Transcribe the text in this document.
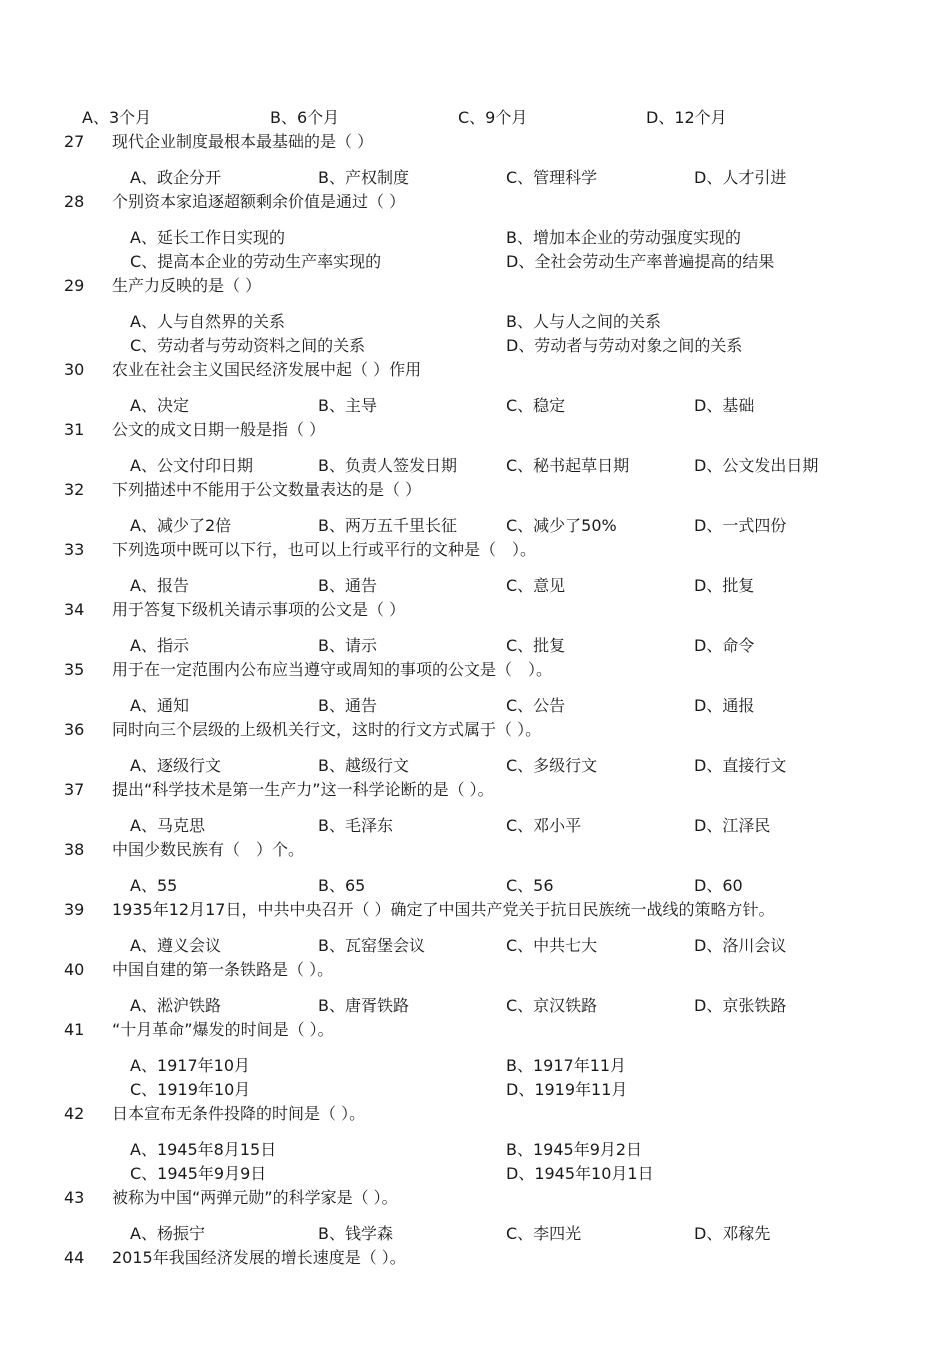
A、3个月	B、6个月	C、9个月	D、12个月
27 现代企业制度最根本最基础的是（ ）
A、政企分开	B、产权制度	C、管理科学	D、人才引进
28 个别资本家追逐超额剩余价值是通过（ ）
A、延长工作日实现的	B、增加本企业的劳动强度实现的
C、提高本企业的劳动生产率实现的	D、全社会劳动生产率普遍提高的结果
29 生产力反映的是（ ）
A、人与自然界的关系	B、人与人之间的关系
C、劳动者与劳动资料之间的关系	D、劳动者与劳动对象之间的关系
30 农业在社会主义国民经济发展中起（ ）作用
A、决定	B、主导	C、稳定	D、基础
31 公文的成文日期一般是指（ ）
A、公文付印日期	B、负责人签发日期	C、秘书起草日期	D、公文发出日期
32 下列描述中不能用于公文数量表达的是（ ）
A、减少了2倍	B、两万五千里长征	C、减少了50%	D、一式四份
33 下列选项中既可以下行，也可以上行或平行的文种是（　）。
A、报告	B、通告	C、意见	D、批复
34 用于答复下级机关请示事项的公文是（ ）
A、指示	B、请示	C、批复	D、命令
35 用于在一定范围内公布应当遵守或周知的事项的公文是（　）。
A、通知	B、通告	C、公告	D、通报
36 同时向三个层级的上级机关行文，这时的行文方式属于（ ）。
A、逐级行文	B、越级行文	C、多级行文	D、直接行文
37 提出“科学技术是第一生产力”这一科学论断的是（ ）。
A、马克思	B、毛泽东	C、邓小平	D、江泽民
38 中国少数民族有（　）个。
A、55	B、65	C、56	D、60
39 1935年12月17日，中共中央召开（ ）确定了中国共产党关于抗日民族统一战线的策略方针。
A、遵义会议	B、瓦窑堡会议	C、中共七大	D、洛川会议
40 中国自建的第一条铁路是（ ）。
A、淞沪铁路	B、唐胥铁路	C、京汉铁路	D、京张铁路
41 “十月革命”爆发的时间是（ ）。
A、1917年10月	B、1917年11月
C、1919年10月	D、1919年11月
42 日本宣布无条件投降的时间是（ ）。
A、1945年8月15日	B、1945年9月2日
C、1945年9月9日	D、1945年10月1日
43 被称为中国“两弹元勋”的科学家是（ ）。
A、杨振宁	B、钱学森	C、李四光	D、邓稼先
44 2015年我国经济发展的增长速度是（ ）。
